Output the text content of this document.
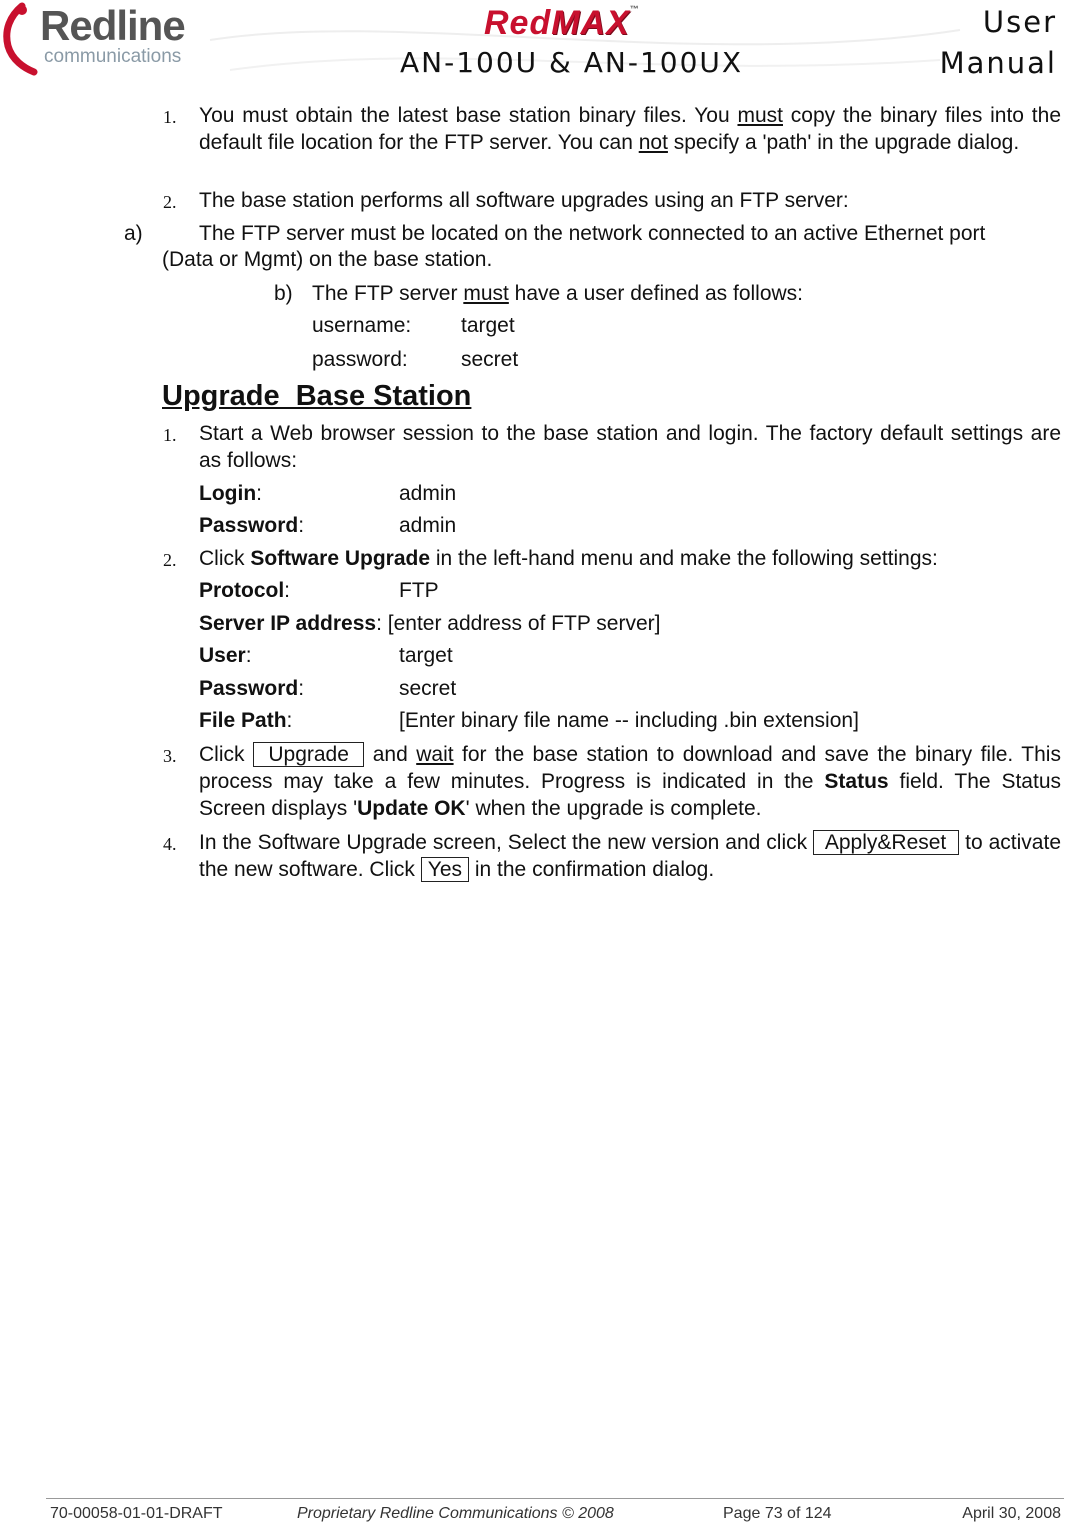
Redline
communications
RedMAX™
AN-100U & AN-100UX
User
Manual
1. You must obtain the latest base station binary files. You must copy the binary files into the default file location for the FTP server. You can not specify a 'path' in the upgrade dialog.
2. The base station performs all software upgrades using an FTP server:
a)	The FTP server must be located on the network connected to an active Ethernet port
(Data or Mgmt) on the base station.
b) The FTP server must have a user defined as follows:
username: target
password:	secret
Upgrade  Base Station
1. Start a Web browser session to the base station and login. The factory default settings are as follows:
Login:	admin
Password:	admin
2. Click Software Upgrade in the left-hand menu and make the following settings:
Protocol:	FTP
Server IP address: [enter address of FTP server]
User:	target
Password:	secret
File Path:	[Enter binary file name -- including .bin extension]
3. Click  Upgrade  and wait for the base station to download and save the binary file. This process may take a few minutes. Progress is indicated in the Status field. The Status Screen displays 'Update OK' when the upgrade is complete.
4. In the Software Upgrade screen, Select the new version and click  Apply&Reset  to activate the new software. Click Yes in the confirmation dialog.
70-00058-01-01-DRAFT	Proprietary Redline Communications © 2008	Page 73 of 124	April 30, 2008
